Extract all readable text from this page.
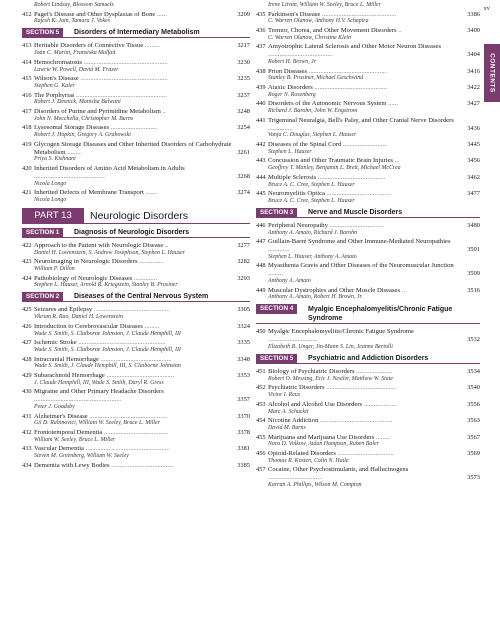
xv
CONTENTS
Robert Lindsay, Blossom Samuels
412 Paget's Disease and Other Dysplasias of Bone ......	3209
Rajesh K. Jain, Tamara J. Vokes
SECTION 5	Disorders of Intermediary Metabolism
413 Heritable Disorders of Connective Tissue .........	3217
Joan C. Marini, Fransiska Malfait
414 Hemochromatosis ...................................................	3230
Lawrie W. Powell, David M. Frazer
415 Wilson's Disease .....................................................	3235
Stephen G. Kaler
416 The Porphyrias .......................................................	3237
Robert J. Desnick, Manisha Balwani
417 Disorders of Purine and Pyrimidine Metabolism ..	3248
John N. Mecchella, Christopher M. Burns
418 Lysosomal Storage Diseases ............................	3254
Robert J. Hopkin, Gregory A. Grabowski
419 Glycogen Storage Diseases and Other Inherited Disorders of Carbohydrate Metabolism .........	3261
Priya S. Kishnani
420 Inherited Disorders of Amino Acid Metabolism in Adults ...........................................	3268
Nicola Longo
421 Inherited Defects of Membrane Transport .......	3274
Nicola Longo
PART 13	Neurologic Disorders
SECTION 1	Diagnosis of Neurologic Disorders
422 Approach to the Patient with Neurologic Disease ..	3277
Daniel H. Lowenstein, S. Andrew Josephson, Stephen L. Hauser
423 Neuroimaging in Neurologic Disorders ...............	3282
William P. Dillon
424 Pathobiology of Neurologic Diseases ..............	3293
Stephen L. Hauser, Arnold R. Kriegstein, Stanley B. Prusiner
SECTION 2	Diseases of the Central Nervous System
425 Seizures and Epilepsy ..............................................	3305
Vikram R. Rao, Daniel H. Lowenstein
426 Introduction to Cerebrovascular Diseases .........	3324
Wade S. Smith, S. Claiborne Johnston, J. Claude Hemphill, III
427 Ischemic Stroke .....................................................	3335
Wade S. Smith, S. Claiborne Johnston, J. Claude Hemphill, III
428 Intracranial Hemorrhage ...........................................	3348
Wade S. Smith, J. Claude Hemphill, III, S. Claiborne Johnston
429 Subarachnoid Hemorrhage .........................................	3353
J. Claude Hemphill, III, Wade S. Smith, Daryl R. Gress
430 Migraine and Other Primary Headache Disorders .....................................................	3357
Peter J. Goadsby
431 Alzheimer's Disease ...............................................	3370
Gil D. Rabinovici, William W. Seeley, Bruce L. Miller
432 Frontotemporal Dementia .......................................	3378
William W. Seeley, Bruce L. Miller
433 Vascular Dementia ...................................................	3381
Steven M. Greenberg, William W. Seeley
434 Dementia with Lewy Bodies ......................................	3385
Irene Litvan, William W. Seeley, Bruce L. Miller
435 Parkinson's Disease .............................................	3386
C. Warren Olanow, Anthony H.V. Schapira
436 Tremor, Chorea, and Other Movement Disorders ..	3400
C. Warren Olanow, Christine Klein
437 Amyotrophic Lateral Sclerosis and Other Motor Neuron Diseases .......................................	3404
Robert H. Brown, Jr
438 Prion Diseases ...............................................	3416
Stanley B. Prusiner, Michael Geschwind
439 Ataxic Disorders ............................................	3422
Roger N. Rosenberg
440 Disorders of the Autonomic Nervous System ......	3427
Richard J. Barohn, John W. Engstrom
441 Trigeminal Neuralgia, Bell's Palsy, and Other Cranial Nerve Disorders ...............	3436
Vanja C. Douglas, Stephen L. Hauser
442 Diseases of the Spinal Cord ...........................	3445
Stephen L. Hauser
443 Concussion and Other Traumatic Brain Injuries ..	3456
Geoffrey T. Manley, Benjamin L. Brett, Michael McCrea
444 Multiple Sclerosis .........................................	3462
Bruce A. C. Cree, Stephen L. Hauser
445 Neuromyelitis Optica .......................................	3477
Bruce A. C. Cree, Stephen L. Hauser
SECTION 3	Nerve and Muscle Disorders
446 Peripheral Neuropathy .................................	3480
Anthony A. Amato, Richard J. Barohn
447 Guillain-Barré Syndrome and Other Immune-Mediated Neuropathies .............	3501
Stephen L. Hauser, Anthony A. Amato
448 Myasthenia Gravis and Other Diseases of the Neuromuscular Junction .........	3509
Anthony A. Amato
449 Muscular Dystrophies and Other Muscle Diseases ..	3516
Anthony A. Amato, Robert H. Brown, Jr.
SECTION 4	Myalgic Encephalomyelitis/Chronic Fatigue Syndrome
450 Myalgic Encephalomyelitis/Chronic Fatigue Syndrome ..............................	3532
Elizabeth R. Unger, Jin-Mann S. Lin, Jeanne Bertolli
SECTION 5	Psychiatric and Addiction Disorders
451 Biology of Psychiatric Disorders ......................	3534
Robert O. Messing, Eric J. Nestler, Matthew W. State
452 Psychiatric Disorders ..........................................	3540
Victor I. Reus
453 Alcohol and Alcohol Use Disorders ....................	3556
Marc A. Schuckit
454 Nicotine Addiction ............................................	3563
David M. Burns
455 Marijuana and Marijuana Use Disorders .........	3567
Nora D. Volkow, Aidan Hampson, Ruben Baler
456 Opioid-Related Disorders ..................................	3569
Thomas R. Kosten, Colin N. Haile
457 Cocaine, Other Psychostimulants, and Hallucinogens .................................	3573
Karran A. Phillips, Wilson M. Compton
